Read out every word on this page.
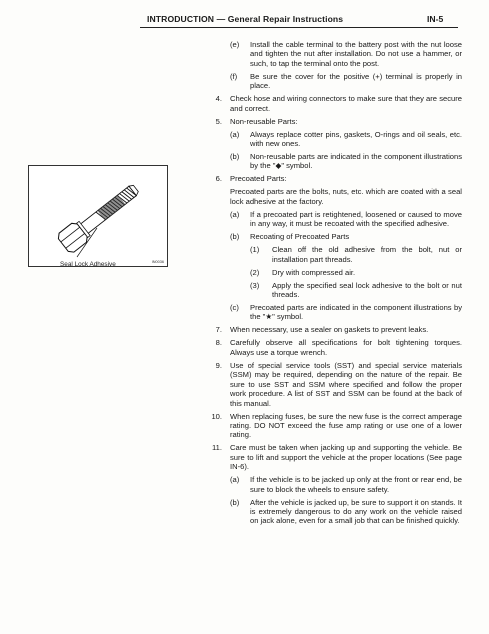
INTRODUCTION — General Repair Instructions	IN-5
Seal Lock Adhesive	IN0036
(e) Install the cable terminal to the battery post with the nut loose and tighten the nut after installation. Do not use a hammer, or such, to tap the terminal onto the post.
(f) Be sure the cover for the positive (+) terminal is properly in place.
4. Check hose and wiring connectors to make sure that they are secure and correct.
5. Non-reusable Parts:
(a) Always replace cotter pins, gaskets, O-rings and oil seals, etc. with new ones.
(b) Non-reusable parts are indicated in the component illustrations by the "◆" symbol.
6. Precoated Parts:
Precoated parts are the bolts, nuts, etc. which are coated with a seal lock adhesive at the factory.
(a) If a precoated part is retightened, loosened or caused to move in any way, it must be recoated with the specified adhesive.
(b) Recoating of Precoated Parts
(1) Clean off the old adhesive from the bolt, nut or installation part threads.
(2) Dry with compressed air.
(3) Apply the specified seal lock adhesive to the bolt or nut threads.
(c) Precoated parts are indicated in the component illustrations by the "★" symbol.
7. When necessary, use a sealer on gaskets to prevent leaks.
8. Carefully observe all specifications for bolt tightening torques. Always use a torque wrench.
9. Use of special service tools (SST) and special service materials (SSM) may be required, depending on the nature of the repair. Be sure to use SST and SSM where specified and follow the proper work procedure. A list of SST and SSM can be found at the back of this manual.
10. When replacing fuses, be sure the new fuse is the correct amperage rating. DO NOT exceed the fuse amp rating or use one of a lower rating.
11. Care must be taken when jacking up and supporting the vehicle. Be sure to lift and support the vehicle at the proper locations (See page IN-6).
(a) If the vehicle is to be jacked up only at the front or rear end, be sure to block the wheels to ensure safety.
(b) After the vehicle is jacked up, be sure to support it on stands. It is extremely dangerous to do any work on the vehicle raised on jack alone, even for a small job that can be finished quickly.
